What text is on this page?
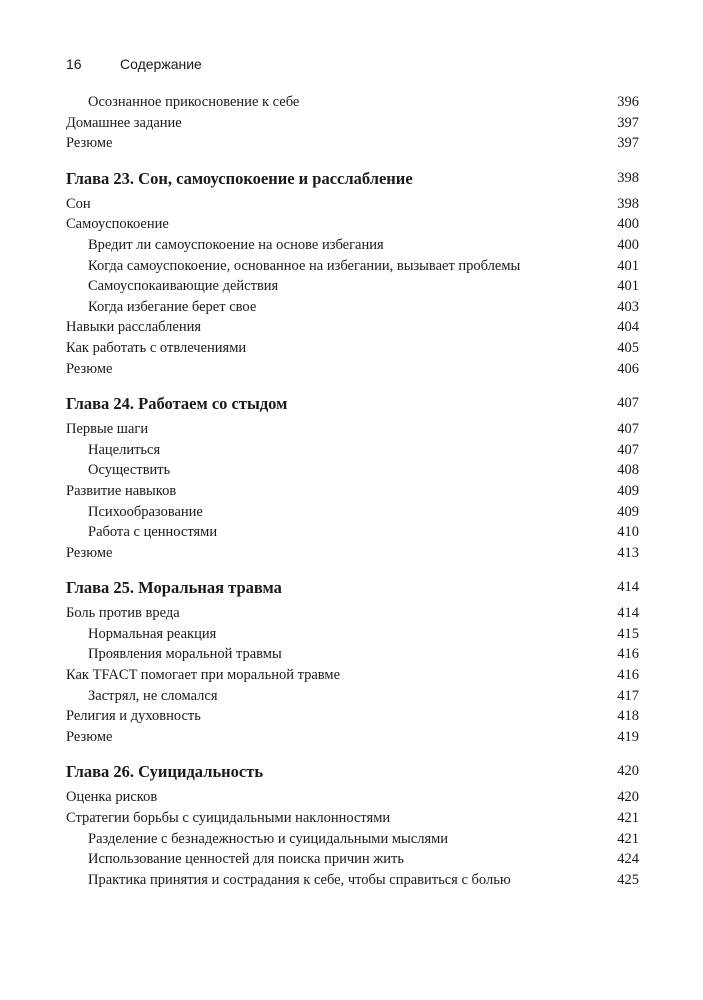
16	Содержание
Осознанное прикосновение к себе	396
Домашнее задание	397
Резюме	397
Глава 23. Сон, самоуспокоение и расслабление	398
Сон	398
Самоуспокоение	400
Вредит ли самоуспокоение на основе избегания	400
Когда самоуспокоение, основанное на избегании, вызывает проблемы	401
Самоуспокаивающие действия	401
Когда избегание берет свое	403
Навыки расслабления	404
Как работать с отвлечениями	405
Резюме	406
Глава 24. Работаем со стыдом	407
Первые шаги	407
Нацелиться	407
Осуществить	408
Развитие навыков	409
Психообразование	409
Работа с ценностями	410
Резюме	413
Глава 25. Моральная травма	414
Боль против вреда	414
Нормальная реакция	415
Проявления моральной травмы	416
Как TFACT помогает при моральной травме	416
Застрял, не сломался	417
Религия и духовность	418
Резюме	419
Глава 26. Суицидальность	420
Оценка рисков	420
Стратегии борьбы с суицидальными наклонностями	421
Разделение с безнадежностью и суицидальными мыслями	421
Использование ценностей для поиска причин жить	424
Практика принятия и сострадания к себе, чтобы справиться с болью	425
